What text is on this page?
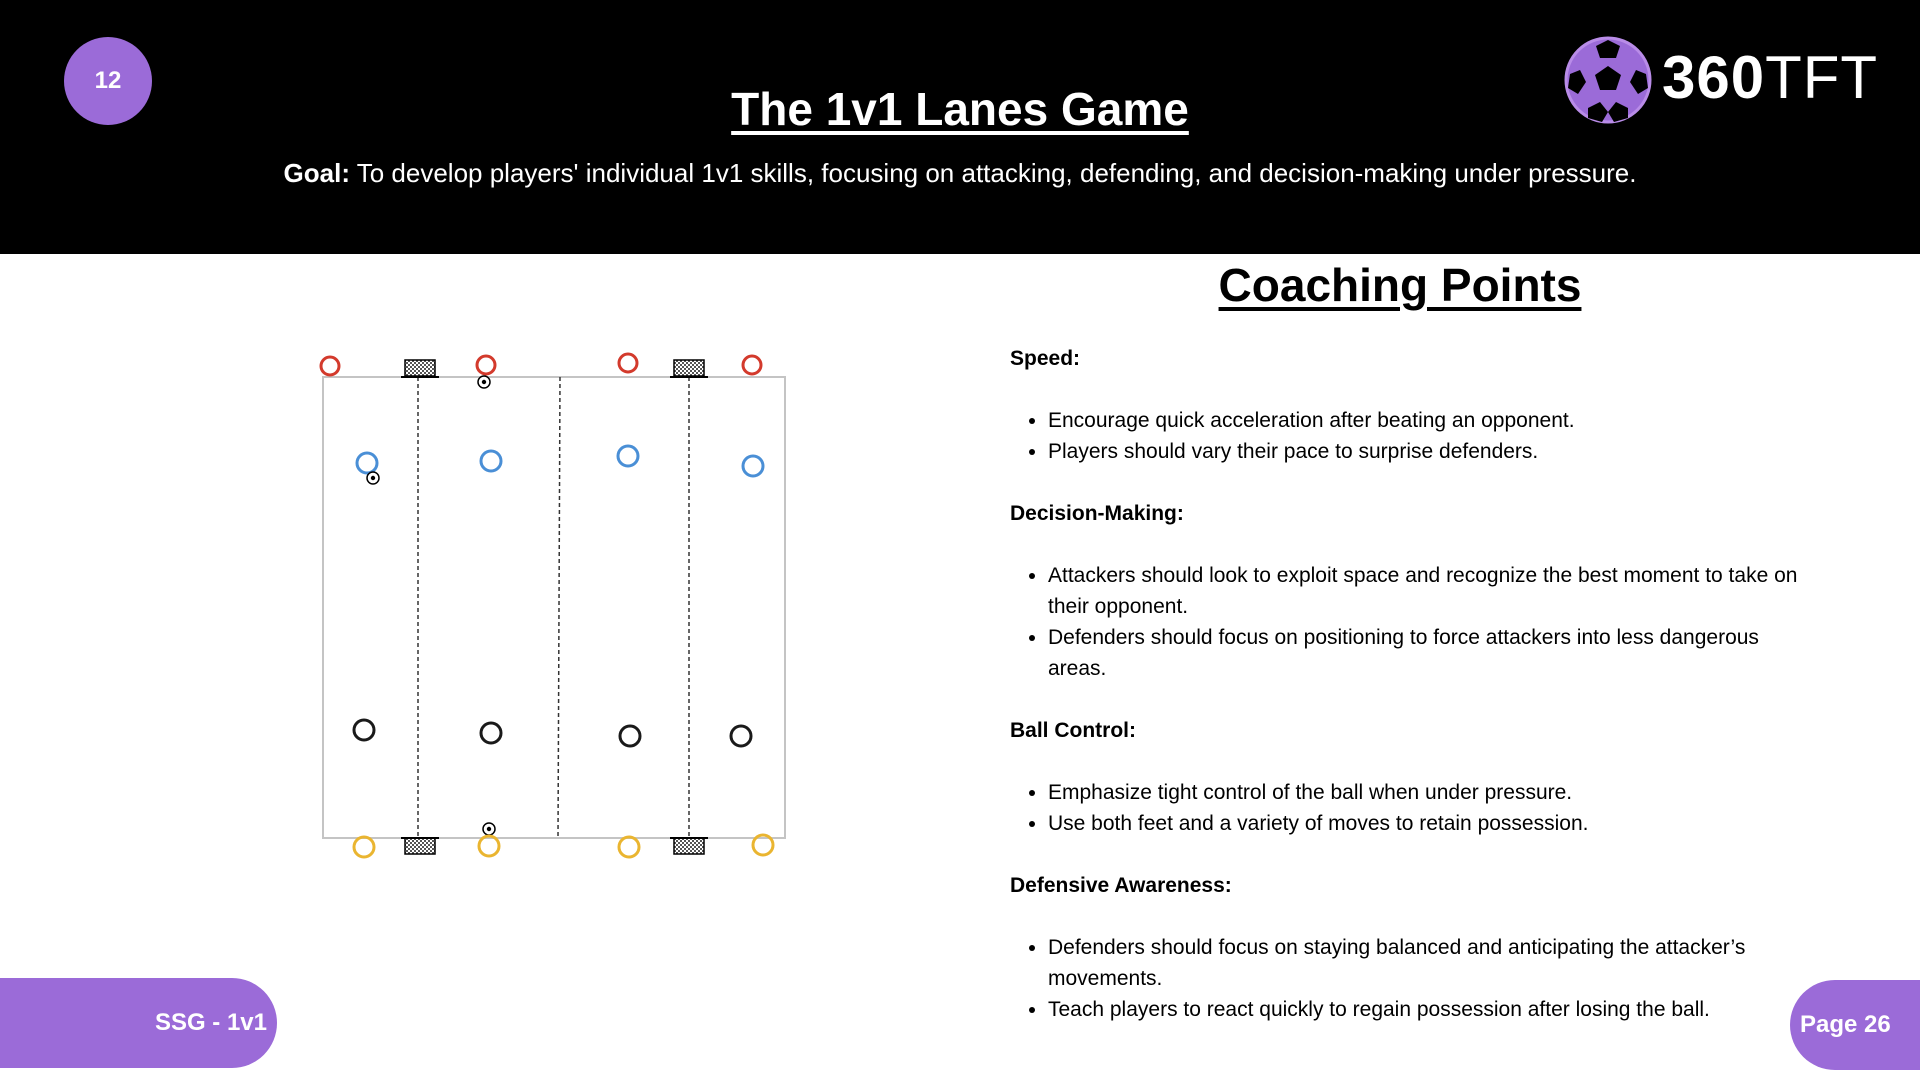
12
The 1v1 Lanes Game
Goal: To develop players' individual 1v1 skills, focusing on attacking, defending, and decision-making under pressure.
360TFT
Coaching Points
Speed:
• Encourage quick acceleration after beating an opponent.
• Players should vary their pace to surprise defenders.
Decision-Making:
• Attackers should look to exploit space and recognize the best moment to take on their opponent.
• Defenders should focus on positioning to force attackers into less dangerous areas.
Ball Control:
• Emphasize tight control of the ball when under pressure.
• Use both feet and a variety of moves to retain possession.
Defensive Awareness:
• Defenders should focus on staying balanced and anticipating the attacker’s movements.
• Teach players to react quickly to regain possession after losing the ball.
SSG - 1v1	Page 26
